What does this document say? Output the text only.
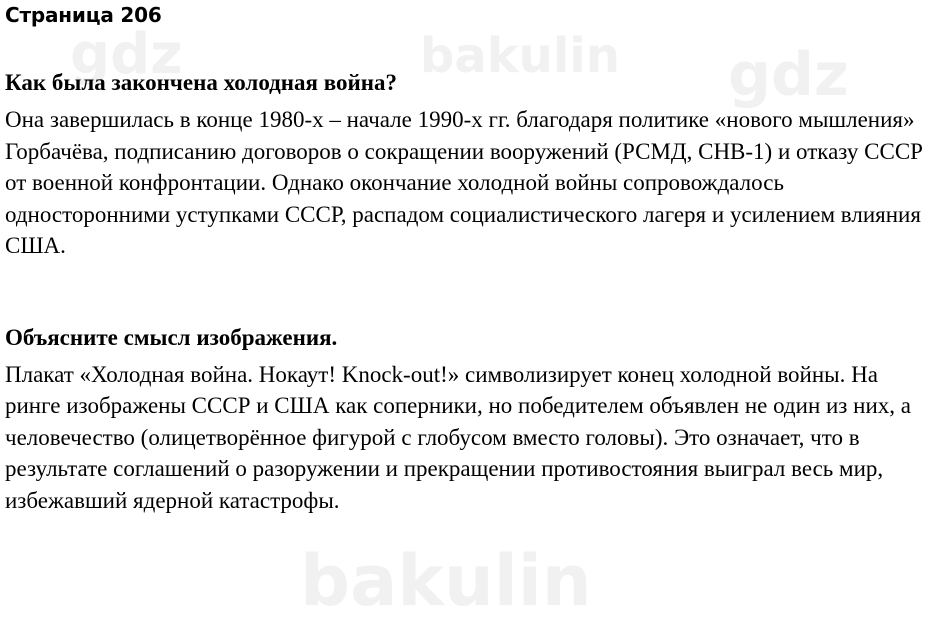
gdz	bakulin gdz
bakulin
Страница 206
Как была закончена холодная война?

Она завершилась в конце 1980-х – начале 1990-х гг. благодаря политике «нового мышления» Горбачёва, подписанию договоров о сокращении вооружений (РСМД, СНВ-1) и отказу СССР от военной конфронтации. Однако окончание холодной войны сопровождалось односторонними уступками СССР, распадом социалистического лагеря и усилением влияния США.

Объясните смысл изображения.

Плакат «Холодная война. Нокаут! Knock-out!» символизирует конец холодной войны. На ринге изображены СССР и США как соперники, но победителем объявлен не один из них, а человечество (олицетворённое фигурой с глобусом вместо головы). Это означает, что в результате соглашений о разоружении и прекращении противостояния выиграл весь мир, избежавший ядерной катастрофы.
